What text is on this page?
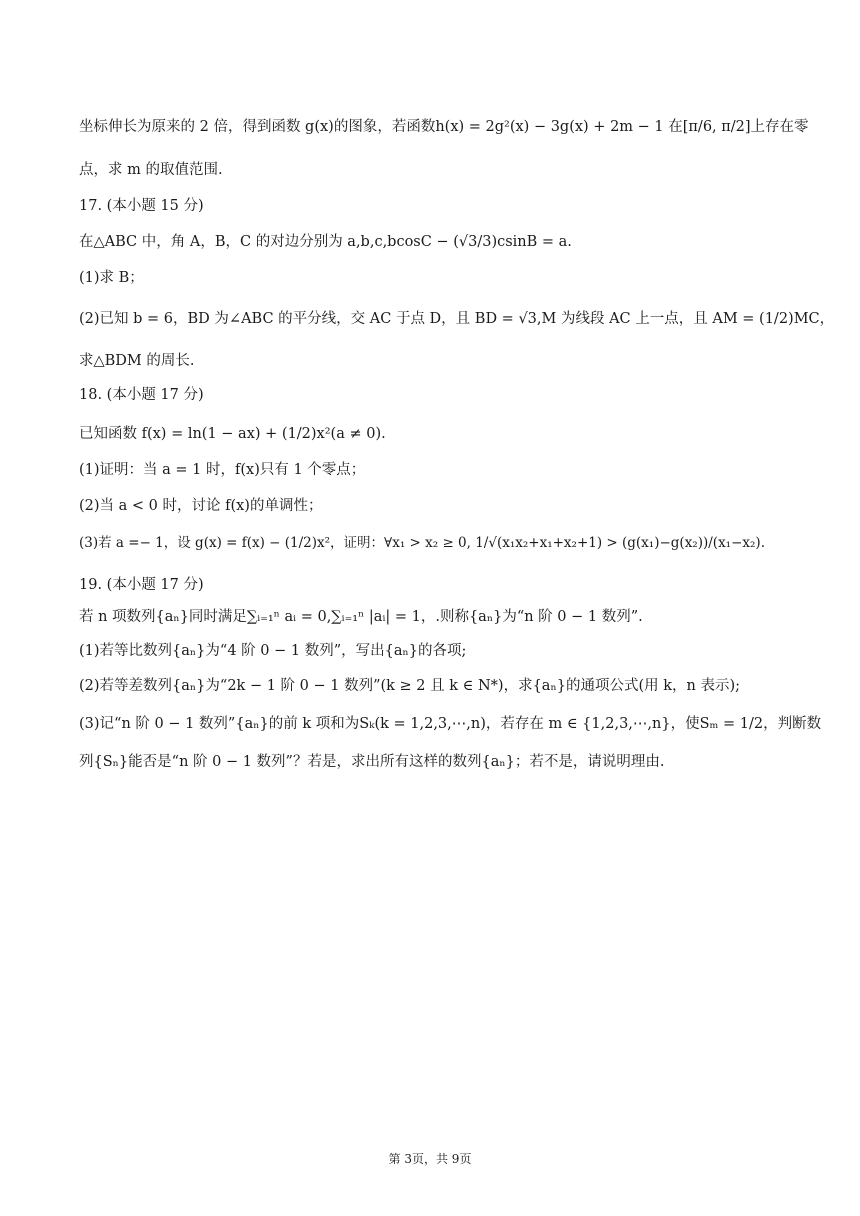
坐标伸长为原来的 2 倍，得到函数 g(x)的图象，若函数h(x) = 2g²(x) − 3g(x) + 2m − 1 在[π/6, π/2]上存在零
点，求 m 的取值范围.
17. (本小题 15 分)
在△ABC 中，角 A，B，C 的对边分别为 a,b,c,bcosC − (√3/3)csinB = a.
(1)求 B；
(2)已知 b = 6，BD 为∠ABC 的平分线，交 AC 于点 D，且 BD = √3,M 为线段 AC 上一点，且 AM = (1/2)MC，
求△BDM 的周长.
18. (本小题 17 分)
已知函数 f(x) = ln(1 − ax) + (1/2)x²(a ≠ 0).
(1)证明：当 a = 1 时，f(x)只有 1 个零点；
(2)当 a < 0 时，讨论 f(x)的单调性；
(3)若 a =− 1，设 g(x) = f(x) − (1/2)x²，证明：∀x₁ > x₂ ≥ 0, 1/√(x₁x₂+x₁+x₂+1) > (g(x₁)−g(x₂))/(x₁−x₂).
19. (本小题 17 分)
若 n 项数列{aₙ}同时满足∑ᵢ₌₁ⁿ aᵢ = 0,∑ᵢ₌₁ⁿ |aᵢ| = 1，.则称{aₙ}为“n 阶 0 − 1 数列”.
(1)若等比数列{aₙ}为“4 阶 0 − 1 数列”，写出{aₙ}的各项;
(2)若等差数列{aₙ}为“2k − 1 阶 0 − 1 数列”(k ≥ 2 且 k ∈ N*)，求{aₙ}的通项公式(用 k，n 表示);
(3)记“n 阶 0 − 1 数列”{aₙ}的前 k 项和为Sₖ(k = 1,2,3,⋯,n)，若存在 m ∈ {1,2,3,⋯,n}，使Sₘ = 1/2，判断数
列{Sₙ}能否是“n 阶 0 − 1 数列”？若是，求出所有这样的数列{aₙ}；若不是，请说明理由.
第 3页，共 9页
